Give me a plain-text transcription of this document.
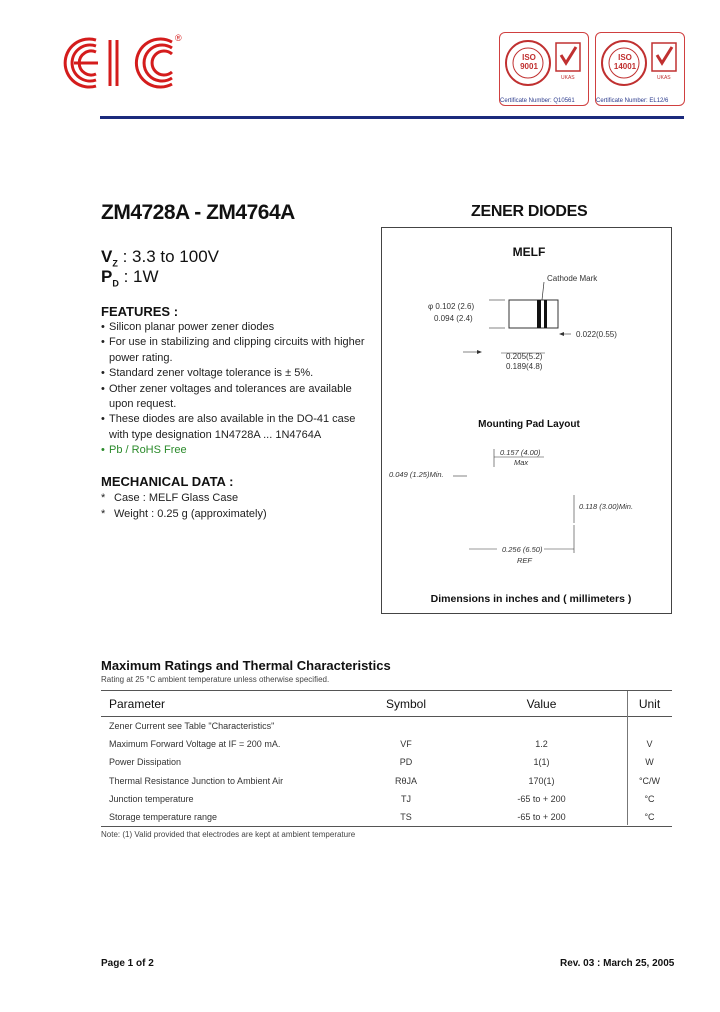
®
UKAS
ISO
9001
UKAS
ISO
14001
Certificate Number: Q10561	Certificate Number: EL12/6
ZM4728A - ZM4764A	ZENER DIODES
$V_Z$ : 3.3 to 100V
$P_D$ : 1W
FEATURES :
• Silicon planar power zener diodes
• For use in stabilizing and clipping circuits with higher power rating.
• Standard zener voltage tolerance is ± 5%.
• Other zener voltages and tolerances are available upon request.
• These diodes are also available in the DO-41 case with type designation 1N4728A ... 1N4764A
• Pb / RoHS Free
MECHANICAL DATA :
* Case : MELF Glass Case
* Weight : 0.25 g (approximately)
MELF
Cathode Mark
φ 0.102 (2.6)
0.094 (2.4)
0.022(0.55)
0.205(5.2)
0.189(4.8)
Mounting Pad Layout
0.157 (4.00)
Max
0.049 (1.25)Min.
0.118 (3.00)Min.
0.256 (6.50)
REF
Dimensions in inches and ( millimeters )
Maximum Ratings and Thermal Characteristics
Rating at 25 °C ambient temperature unless otherwise specified.
Parameter	Symbol	Value	Unit
Zener Current see Table "Characteristics"			
Maximum Forward Voltage at IF = 200 mA.	VF	1.2	V
Power Dissipation	PD	1(1)	W
Thermal Resistance Junction to Ambient Air	RθJA	170(1)	°C/W
Junction temperature	TJ	-65 to + 200	°C
Storage temperature range	TS	-65 to + 200	°C
Note: (1) Valid provided that electrodes are kept at ambient temperature
Page 1 of 2	Rev. 03 : March 25, 2005
